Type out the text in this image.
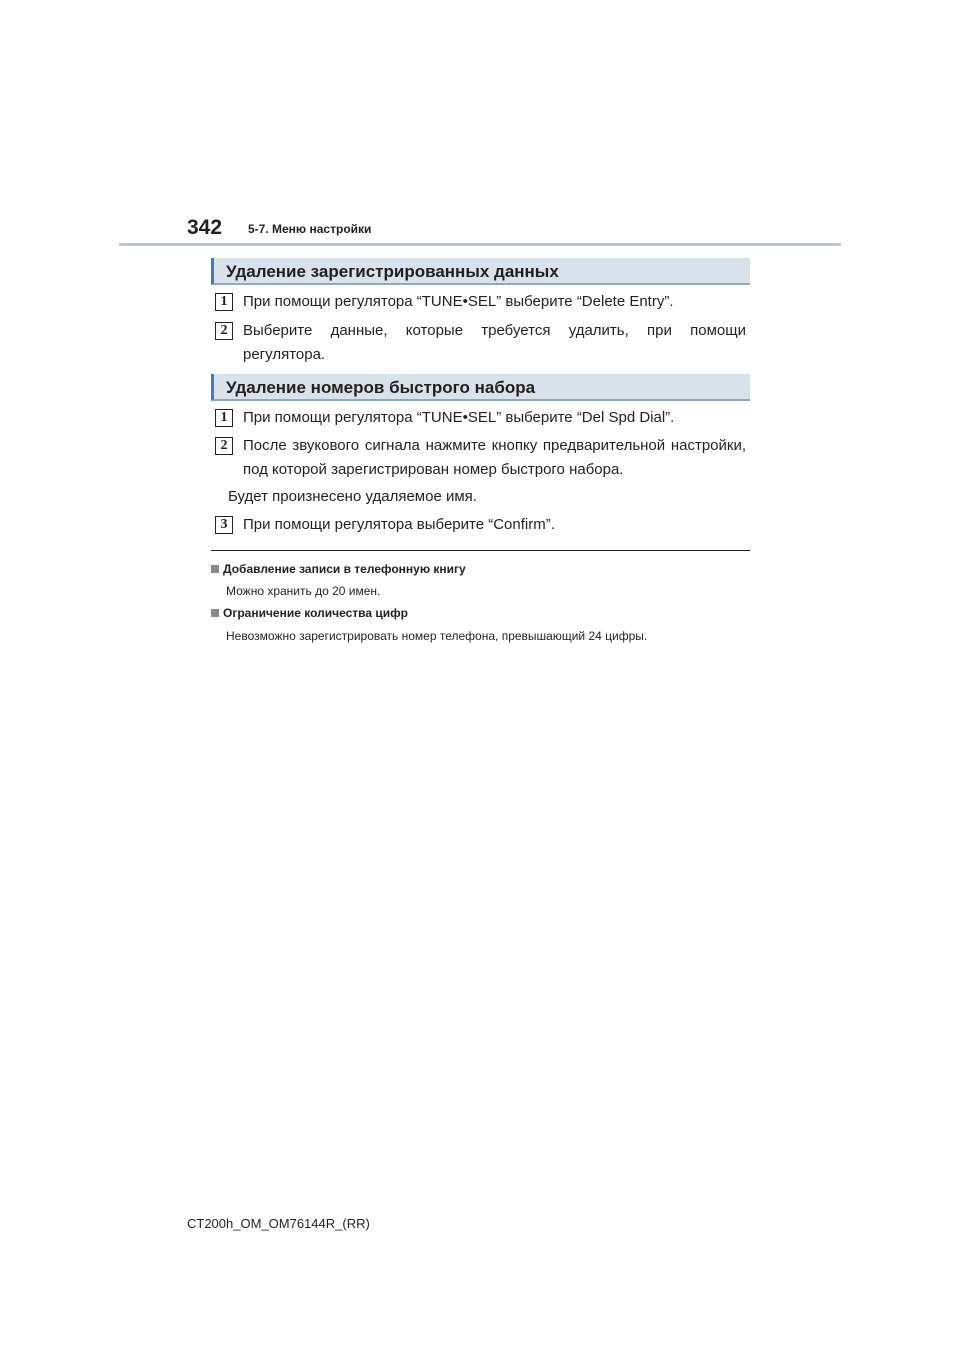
342 5-7. Меню настройки
Удаление зарегистрированных данных
1	При помощи регулятора “TUNE•SEL” выберите “Delete Entry”.

2	Выберите данные, которые требуется удалить, при помощи регулятора.

Удаление номеров быстрого набора
1	При помощи регулятора “TUNE•SEL” выберите “Del Spd Dial”.

2	После звукового сигнала нажмите кнопку предварительной настройки, под которой зарегистрирован номер быстрого набора.

Будет произнесено удаляемое имя.
3	При помощи регулятора выберите “Confirm”.

Добавление записи в телефонную книгу
Можно хранить до 20 имен.
Ограничение количества цифр
Невозможно зарегистрировать номер телефона, превышающий 24 цифры.
CT200h_OM_OM76144R_(RR)
